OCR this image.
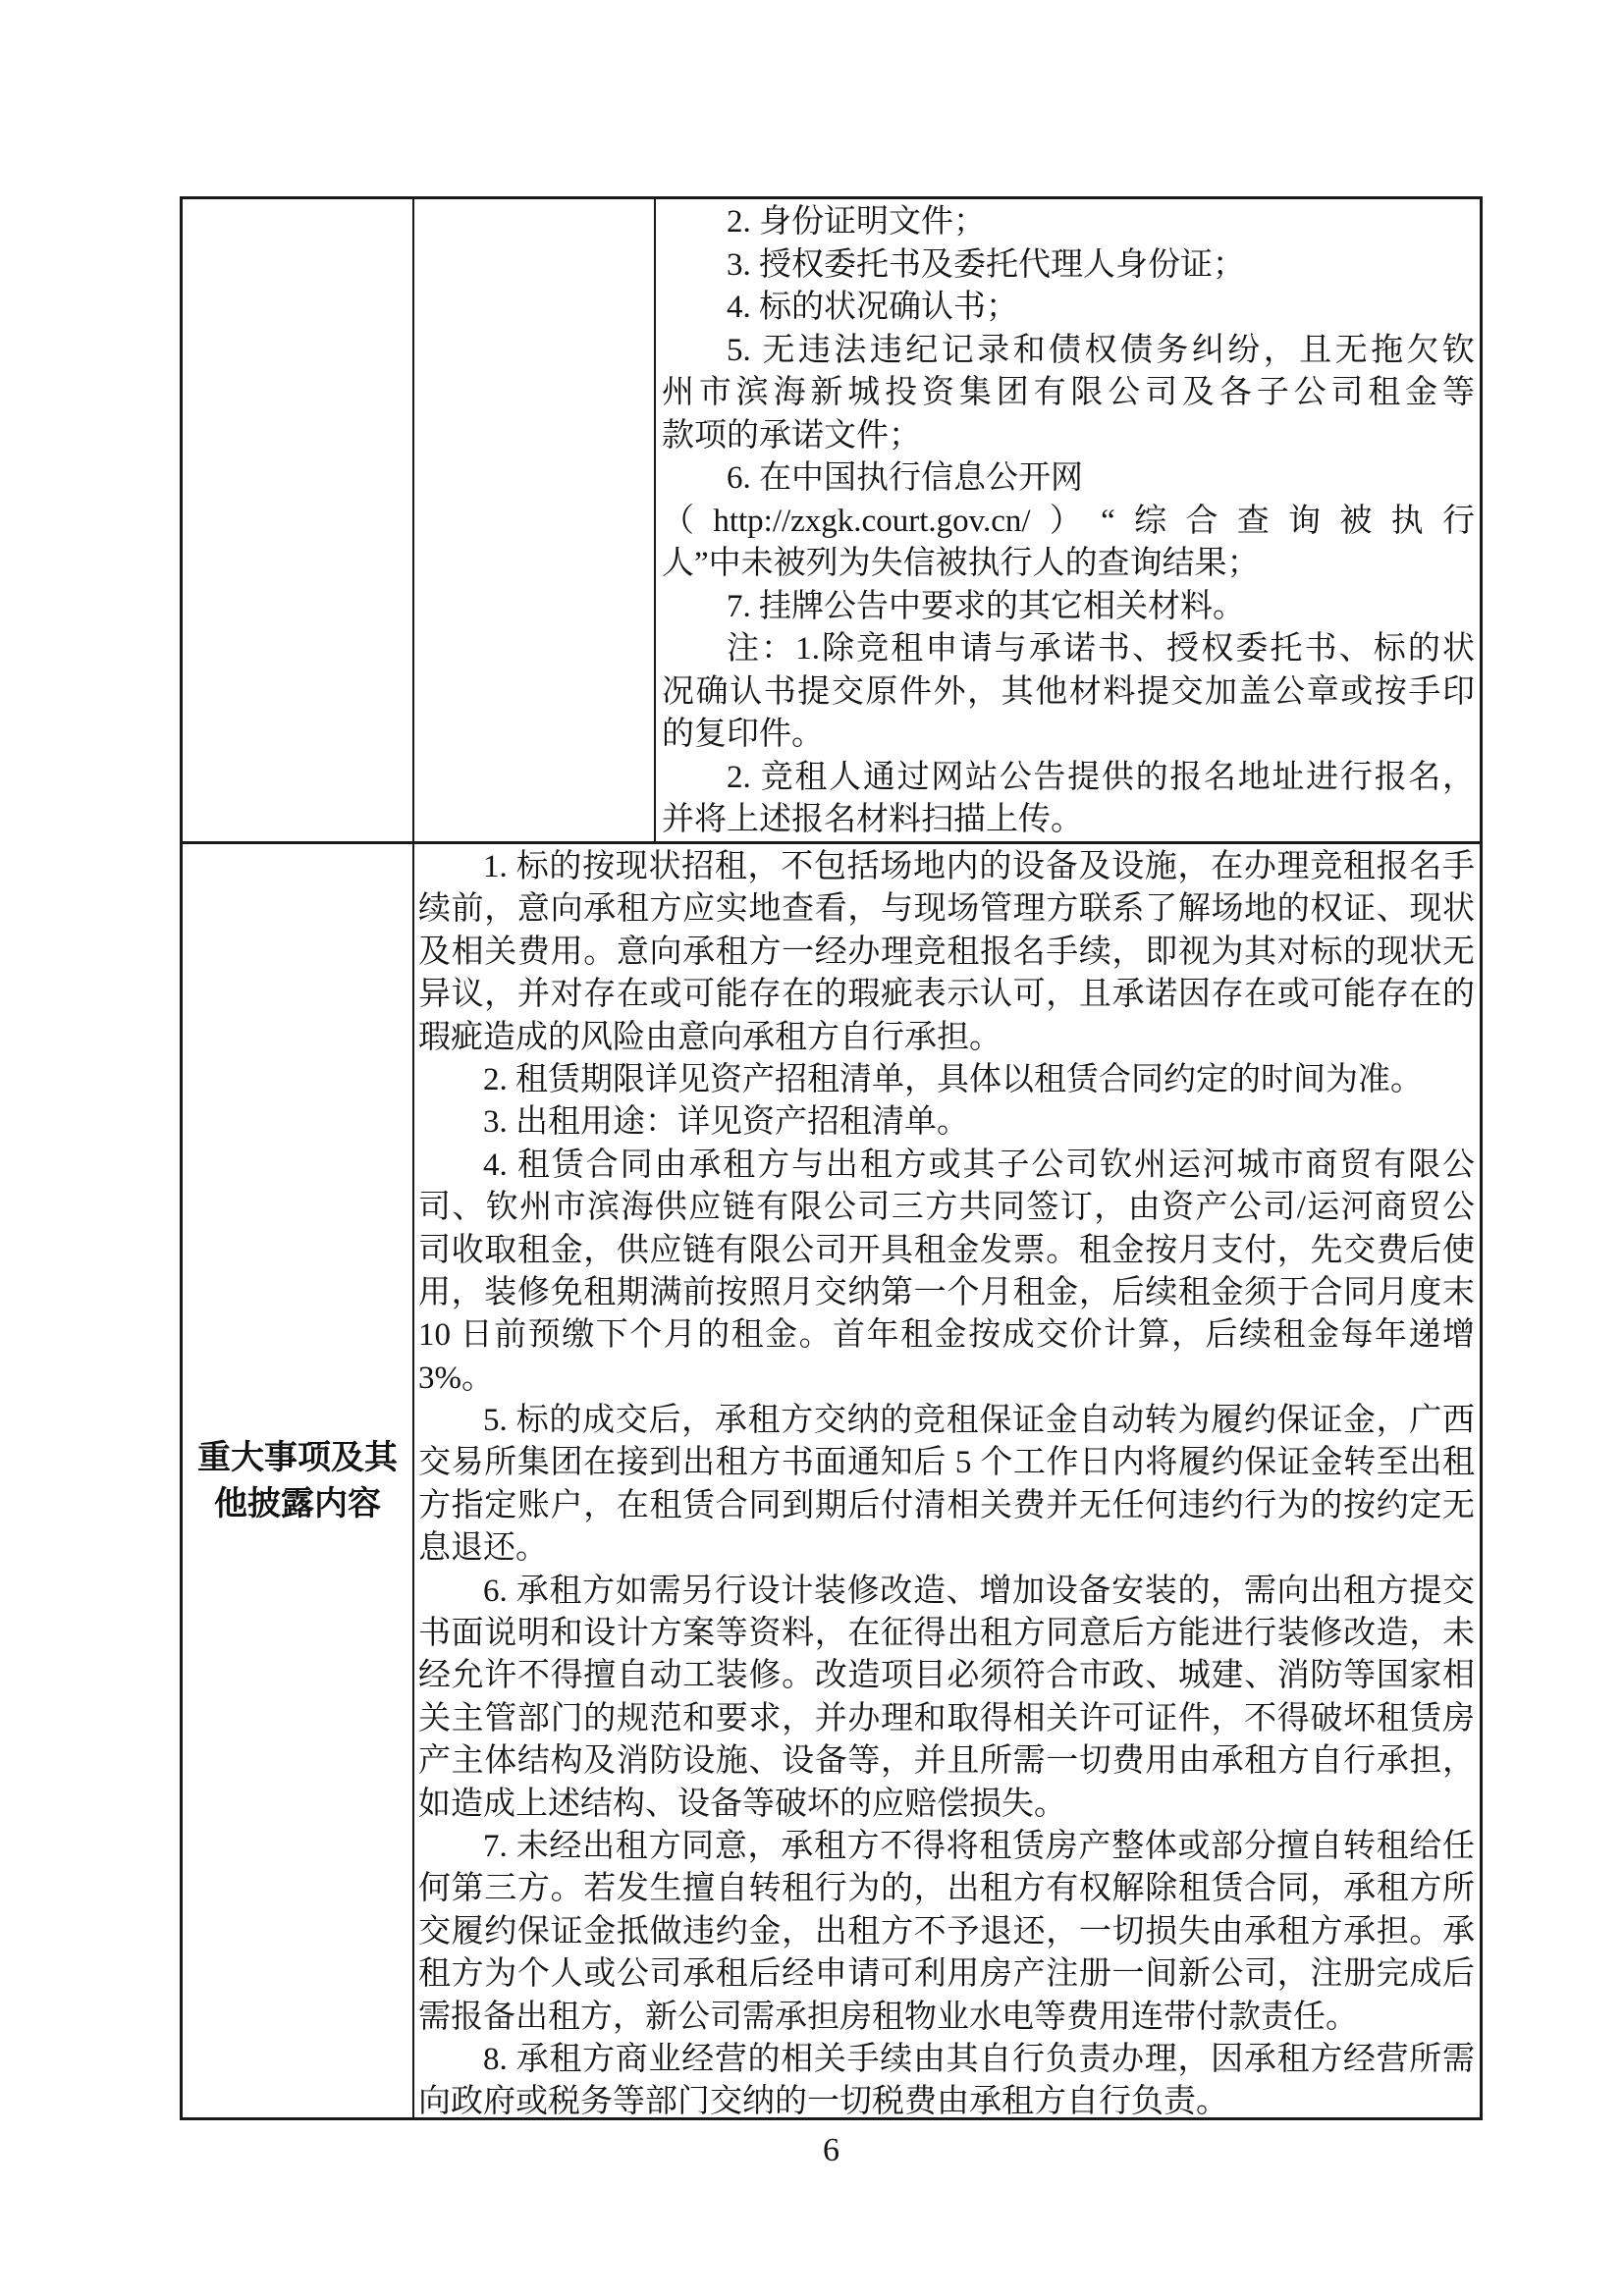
2. 身份证明文件；
3. 授权委托书及委托代理人身份证；
4. 标的状况确认书；
5. 无违法违纪记录和债权债务纠纷，且无拖欠钦
州市滨海新城投资集团有限公司及各子公司租金等
款项的承诺文件；
6. 在中国执行信息公开网
（http://zxgk.court.gov.cn/）“综合查询被执行
人”中未被列为失信被执行人的查询结果；
7. 挂牌公告中要求的其它相关材料。
注：1.除竞租申请与承诺书、授权委托书、标的状
况确认书提交原件外，其他材料提交加盖公章或按手印
的复印件。
2. 竞租人通过网站公告提供的报名地址进行报名，
并将上述报名材料扫描上传。
重大事项及其
他披露内容
1. 标的按现状招租，不包括场地内的设备及设施，在办理竞租报名手
续前，意向承租方应实地查看，与现场管理方联系了解场地的权证、现状
及相关费用。意向承租方一经办理竞租报名手续，即视为其对标的现状无
异议，并对存在或可能存在的瑕疵表示认可，且承诺因存在或可能存在的
瑕疵造成的风险由意向承租方自行承担。
2. 租赁期限详见资产招租清单，具体以租赁合同约定的时间为准。
3. 出租用途：详见资产招租清单。
4. 租赁合同由承租方与出租方或其子公司钦州运河城市商贸有限公
司、钦州市滨海供应链有限公司三方共同签订，由资产公司/运河商贸公
司收取租金，供应链有限公司开具租金发票。租金按月支付，先交费后使
用，装修免租期满前按照月交纳第一个月租金，后续租金须于合同月度末
10 日前预缴下个月的租金。首年租金按成交价计算，后续租金每年递增
3%。
5. 标的成交后，承租方交纳的竞租保证金自动转为履约保证金，广西
交易所集团在接到出租方书面通知后 5 个工作日内将履约保证金转至出租
方指定账户，在租赁合同到期后付清相关费并无任何违约行为的按约定无
息退还。
6. 承租方如需另行设计装修改造、增加设备安装的，需向出租方提交
书面说明和设计方案等资料，在征得出租方同意后方能进行装修改造，未
经允许不得擅自动工装修。改造项目必须符合市政、城建、消防等国家相
关主管部门的规范和要求，并办理和取得相关许可证件，不得破坏租赁房
产主体结构及消防设施、设备等，并且所需一切费用由承租方自行承担，
如造成上述结构、设备等破坏的应赔偿损失。
7. 未经出租方同意，承租方不得将租赁房产整体或部分擅自转租给任
何第三方。若发生擅自转租行为的，出租方有权解除租赁合同，承租方所
交履约保证金抵做违约金，出租方不予退还，一切损失由承租方承担。承
租方为个人或公司承租后经申请可利用房产注册一间新公司，注册完成后
需报备出租方，新公司需承担房租物业水电等费用连带付款责任。
8. 承租方商业经营的相关手续由其自行负责办理，因承租方经营所需
向政府或税务等部门交纳的一切税费由承租方自行负责。
6
